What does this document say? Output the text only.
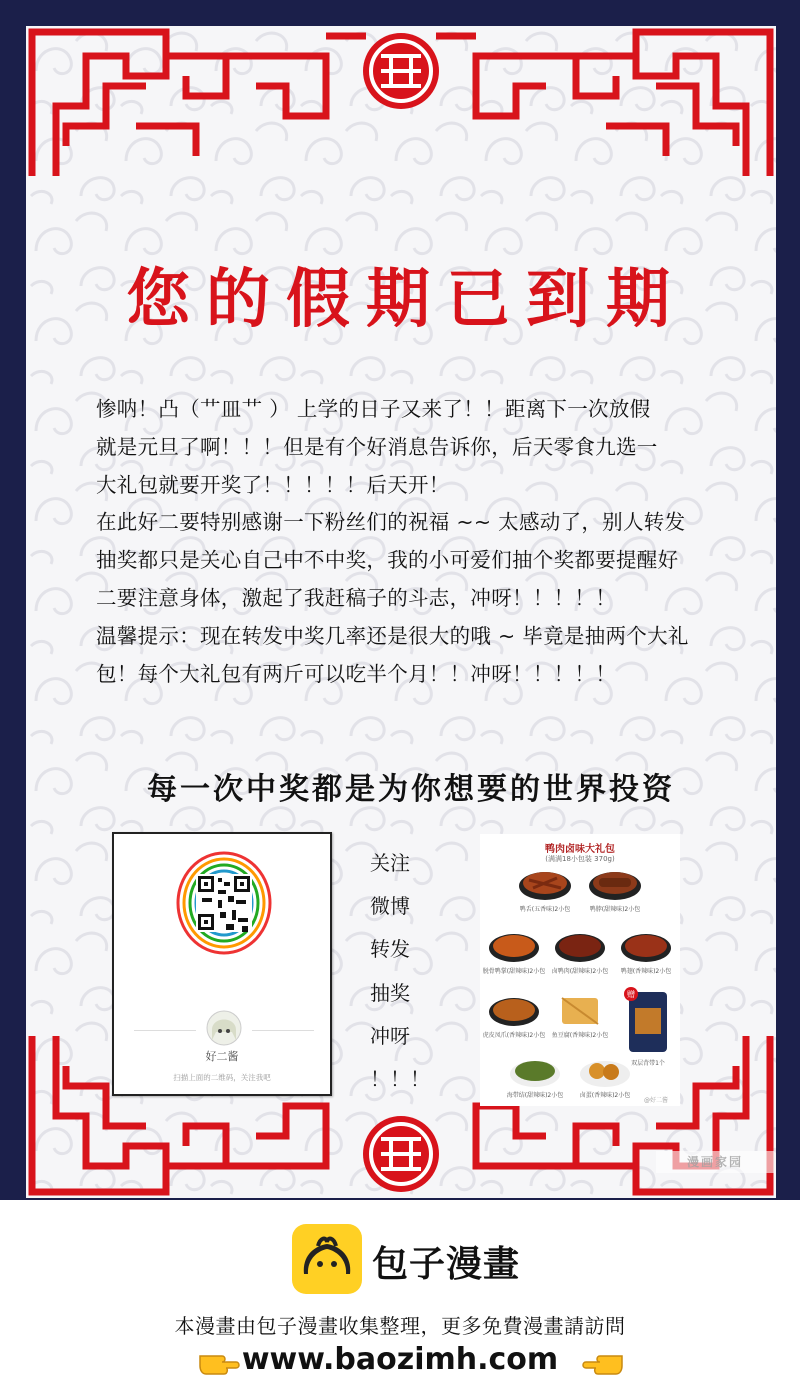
您的假期已到期

惨呐！凸（艹皿艹 ） 上学的日子又来了！！距离下一次放假

就是元旦了啊！！！但是有个好消息告诉你，后天零食九选一

大礼包就要开奖了！！！！！后天开！

在此好二要特别感谢一下粉丝们的祝福 ~~ 太感动了，别人转发

抽奖都只是关心自己中不中奖，我的小可爱们抽个奖都要提醒好

二要注意身体，激起了我赶稿子的斗志，冲呀！！！！！

温馨提示：现在转发中奖几率还是很大的哦 ~ 毕竟是抽两个大礼

包！每个大礼包有两斤可以吃半个月！！冲呀！！！！！

每一次中奖都是为你想要的世界投资
好二酱
扫描上面的二维码，关注我吧
关注
微博
转发
抽奖
冲呀
！！！
鸭肉卤味大礼包
(满满18小包装 370g)
鸭舌(五香味)2小包	鸭脖(甜辣味)2小包
脱骨鸭掌(甜辣味)2小包	卤鸭肉(甜辣味)2小包	鸭翅(香辣味)2小包
虎皮凤爪(香辣味)2小包	鱼豆腐(香辣味)2小包
赠
双层背带1个
海带结(甜辣味)2小包	卤蛋(香辣味)2小包
@好二酱
漫画家园
包子漫畫
本漫畫由包子漫畫收集整理，更多免費漫畫請訪問
www.baozimh.com
